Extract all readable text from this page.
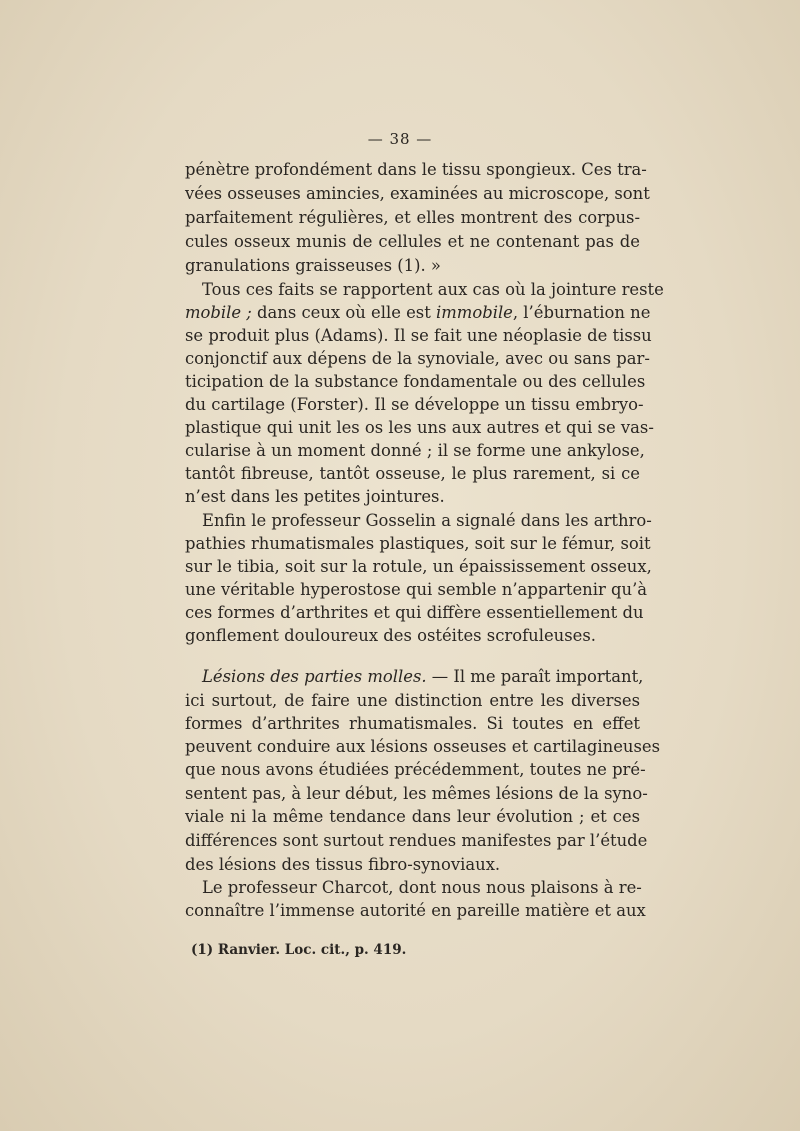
— 38 —
pénètre profondément dans le tissu spongieux. Ces tra-
vées osseuses amincies, examinées au microscope, sont
parfaitement régulières, et elles montrent des corpus-
cules osseux munis de cellules et ne contenant pas de
granulations graisseuses (1). »
Tous ces faits se rapportent aux cas où la jointure reste
mobile ; dans ceux où elle est immobile, l’éburnation ne
se produit plus (Adams). Il se fait une néoplasie de tissu
conjonctif aux dépens de la synoviale, avec ou sans par-
ticipation de la substance fondamentale ou des cellules
du cartilage (Forster). Il se développe un tissu embryo-
plastique qui unit les os les uns aux autres et qui se vas-
cularise à un moment donné ; il se forme une ankylose,
tantôt fibreuse, tantôt osseuse, le plus rarement, si ce
n’est dans les petites jointures.
Enfin le professeur Gosselin a signalé dans les arthro-
pathies rhumatismales plastiques, soit sur le fémur, soit
sur le tibia, soit sur la rotule, un épaississement osseux,
une véritable hyperostose qui semble n’appartenir qu’à
ces formes d’arthrites et qui diffère essentiellement du
gonflement douloureux des ostéites scrofuleuses.
Lésions des parties molles. — Il me paraît important,
ici surtout, de faire une distinction entre les diverses
formes d’arthrites rhumatismales. Si toutes en effet
peuvent conduire aux lésions osseuses et cartilagineuses
que nous avons étudiées précédemment, toutes ne pré-
sentent pas, à leur début, les mêmes lésions de la syno-
viale ni la même tendance dans leur évolution ; et ces
différences sont surtout rendues manifestes par l’étude
des lésions des tissus fibro-synoviaux.
Le professeur Charcot, dont nous nous plaisons à re-
connaître l’immense autorité en pareille matière et aux
(1) Ranvier. Loc. cit., p. 419.
